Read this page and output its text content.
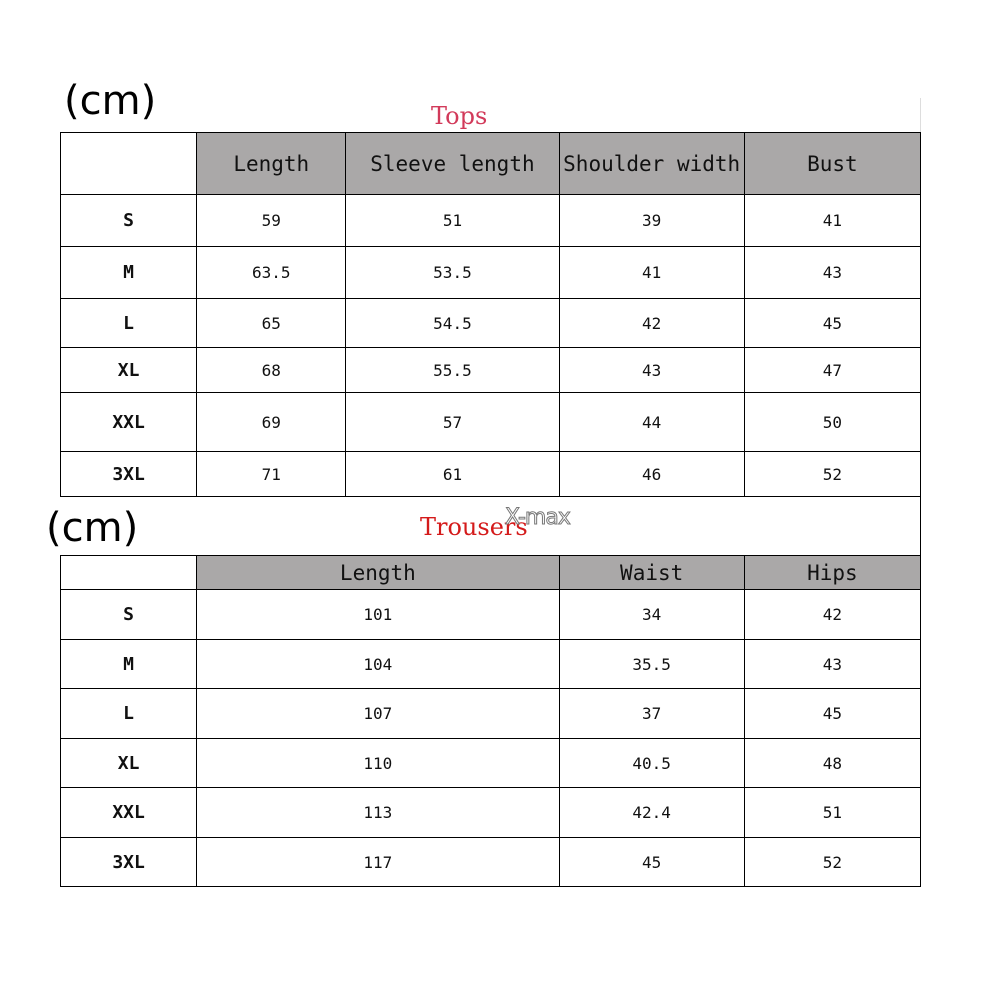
(cm)	Tops
	Length	Sleeve length	Shoulder width	Bust
S	59	51	39	41
M	63.5	53.5	41	43
L	65	54.5	42	45
XL	68	55.5	43	47
XXL	69	57	44	50
3XL	71	61	46	52
(cm)	Trousers
X-max
	Length	Waist	Hips
S	101	34	42
M	104	35.5	43
L	107	37	45
XL	110	40.5	48
XXL	113	42.4	51
3XL	117	45	52
